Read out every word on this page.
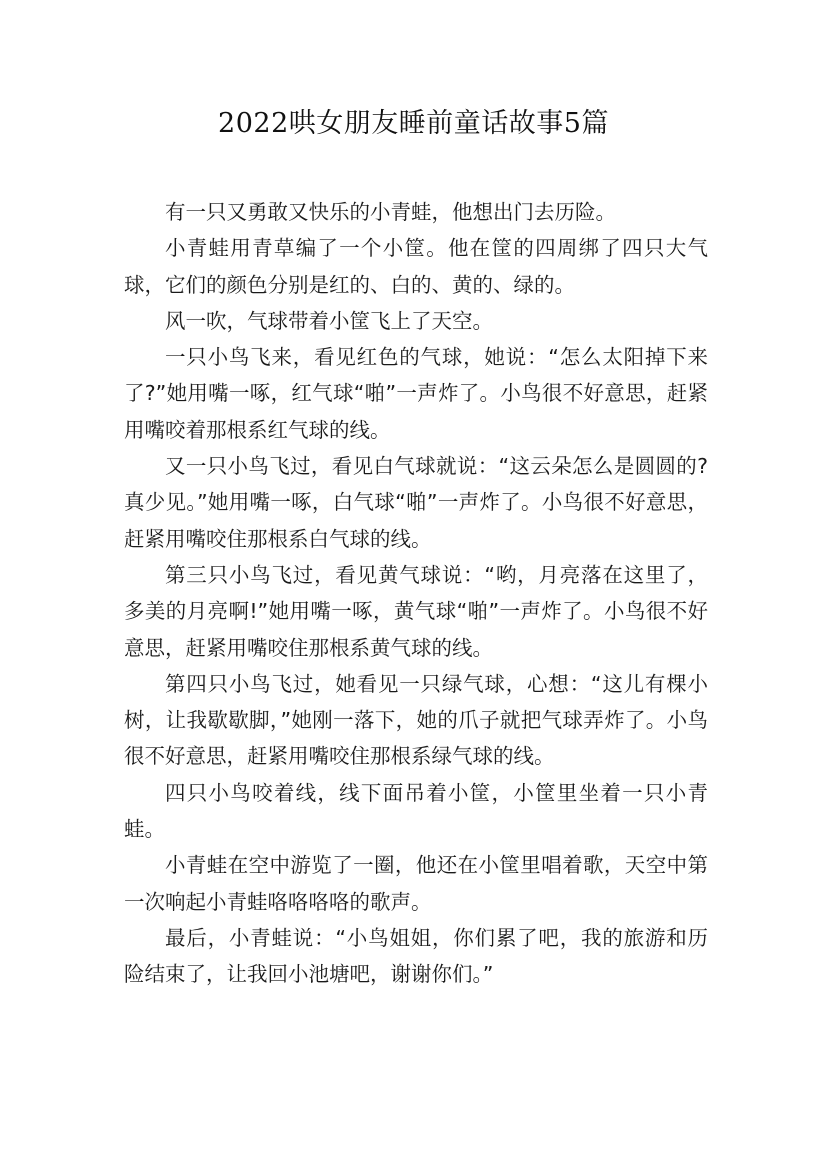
2022哄女朋友睡前童话故事5篇

有一只又勇敢又快乐的小青蛙，他想出门去历险。

小青蛙用青草编了一个小筐。他在筐的四周绑了四只大气球，它们的颜色分别是红的、白的、黄的、绿的。

风一吹，气球带着小筐飞上了天空。

一只小鸟飞来，看见红色的气球，她说：“怎么太阳掉下来了?”她用嘴一啄，红气球“啪”一声炸了。小鸟很不好意思，赶紧用嘴咬着那根系红气球的线。

又一只小鸟飞过，看见白气球就说：“这云朵怎么是圆圆的?真少见。”她用嘴一啄，白气球“啪”一声炸了。小鸟很不好意思，赶紧用嘴咬住那根系白气球的线。

第三只小鸟飞过，看见黄气球说：“哟，月亮落在这里了，多美的月亮啊!”她用嘴一啄，黄气球“啪”一声炸了。小鸟很不好意思，赶紧用嘴咬住那根系黄气球的线。

第四只小鸟飞过，她看见一只绿气球，心想：“这儿有棵小树，让我歇歇脚，”她刚一落下，她的爪子就把气球弄炸了。小鸟很不好意思，赶紧用嘴咬住那根系绿气球的线。

四只小鸟咬着线，线下面吊着小筐，小筐里坐着一只小青蛙。

小青蛙在空中游览了一圈，他还在小筐里唱着歌，天空中第一次响起小青蛙咯咯咯咯的歌声。

最后，小青蛙说：“小鸟姐姐，你们累了吧，我的旅游和历险结束了，让我回小池塘吧，谢谢你们。”
